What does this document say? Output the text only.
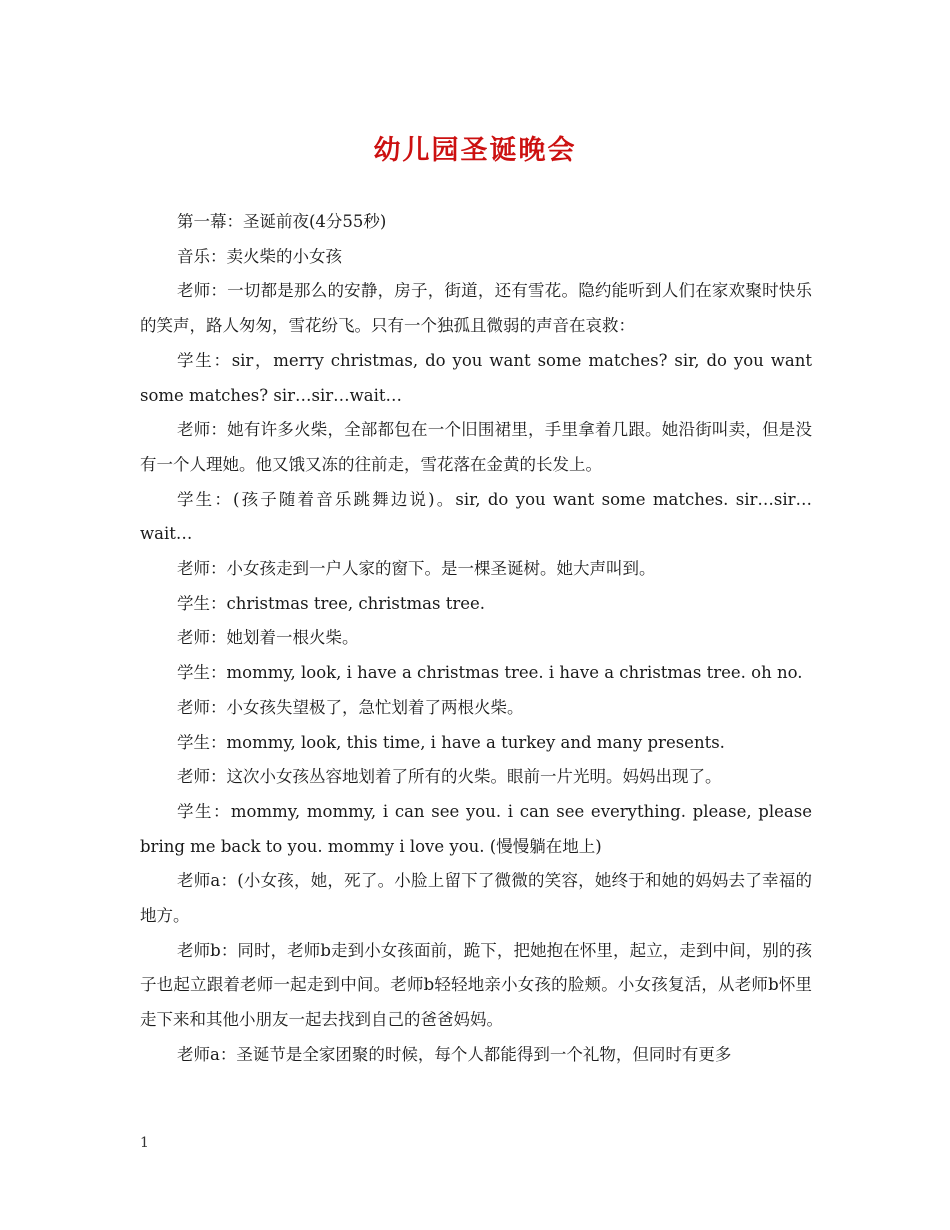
幼儿园圣诞晚会

第一幕：圣诞前夜(4分55秒)

音乐：卖火柴的小女孩

老师：一切都是那么的安静，房子，街道，还有雪花。隐约能听到人们在家欢聚时快乐的笑声，路人匆匆，雪花纷飞。只有一个独孤且微弱的声音在哀救：

学生：sir，merry christmas, do you want some matches? sir, do you want some matches? sir…sir…wait…

老师：她有许多火柴，全部都包在一个旧围裙里，手里拿着几跟。她沿街叫卖，但是没有一个人理她。他又饿又冻的往前走，雪花落在金黄的长发上。

学生：(孩子随着音乐跳舞边说)。sir, do you want some matches. sir…sir…wait…

老师：小女孩走到一户人家的窗下。是一棵圣诞树。她大声叫到。

学生：christmas tree, christmas tree.

老师：她划着一根火柴。

学生：mommy, look, i have a christmas tree. i have a christmas tree. oh no.

老师：小女孩失望极了，急忙划着了两根火柴。

学生：mommy, look, this time, i have a turkey and many presents.

老师：这次小女孩丛容地划着了所有的火柴。眼前一片光明。妈妈出现了。

学生：mommy, mommy, i can see you. i can see everything. please, please bring me back to you. mommy i love you. (慢慢躺在地上)

老师a：(小女孩，她，死了。小脸上留下了微微的笑容，她终于和她的妈妈去了幸福的地方。

老师b：同时，老师b走到小女孩面前，跪下，把她抱在怀里，起立，走到中间，别的孩子也起立跟着老师一起走到中间。老师b轻轻地亲小女孩的脸颊。小女孩复活，从老师b怀里走下来和其他小朋友一起去找到自己的爸爸妈妈。

老师a：圣诞节是全家团聚的时候，每个人都能得到一个礼物，但同时有更多

1
